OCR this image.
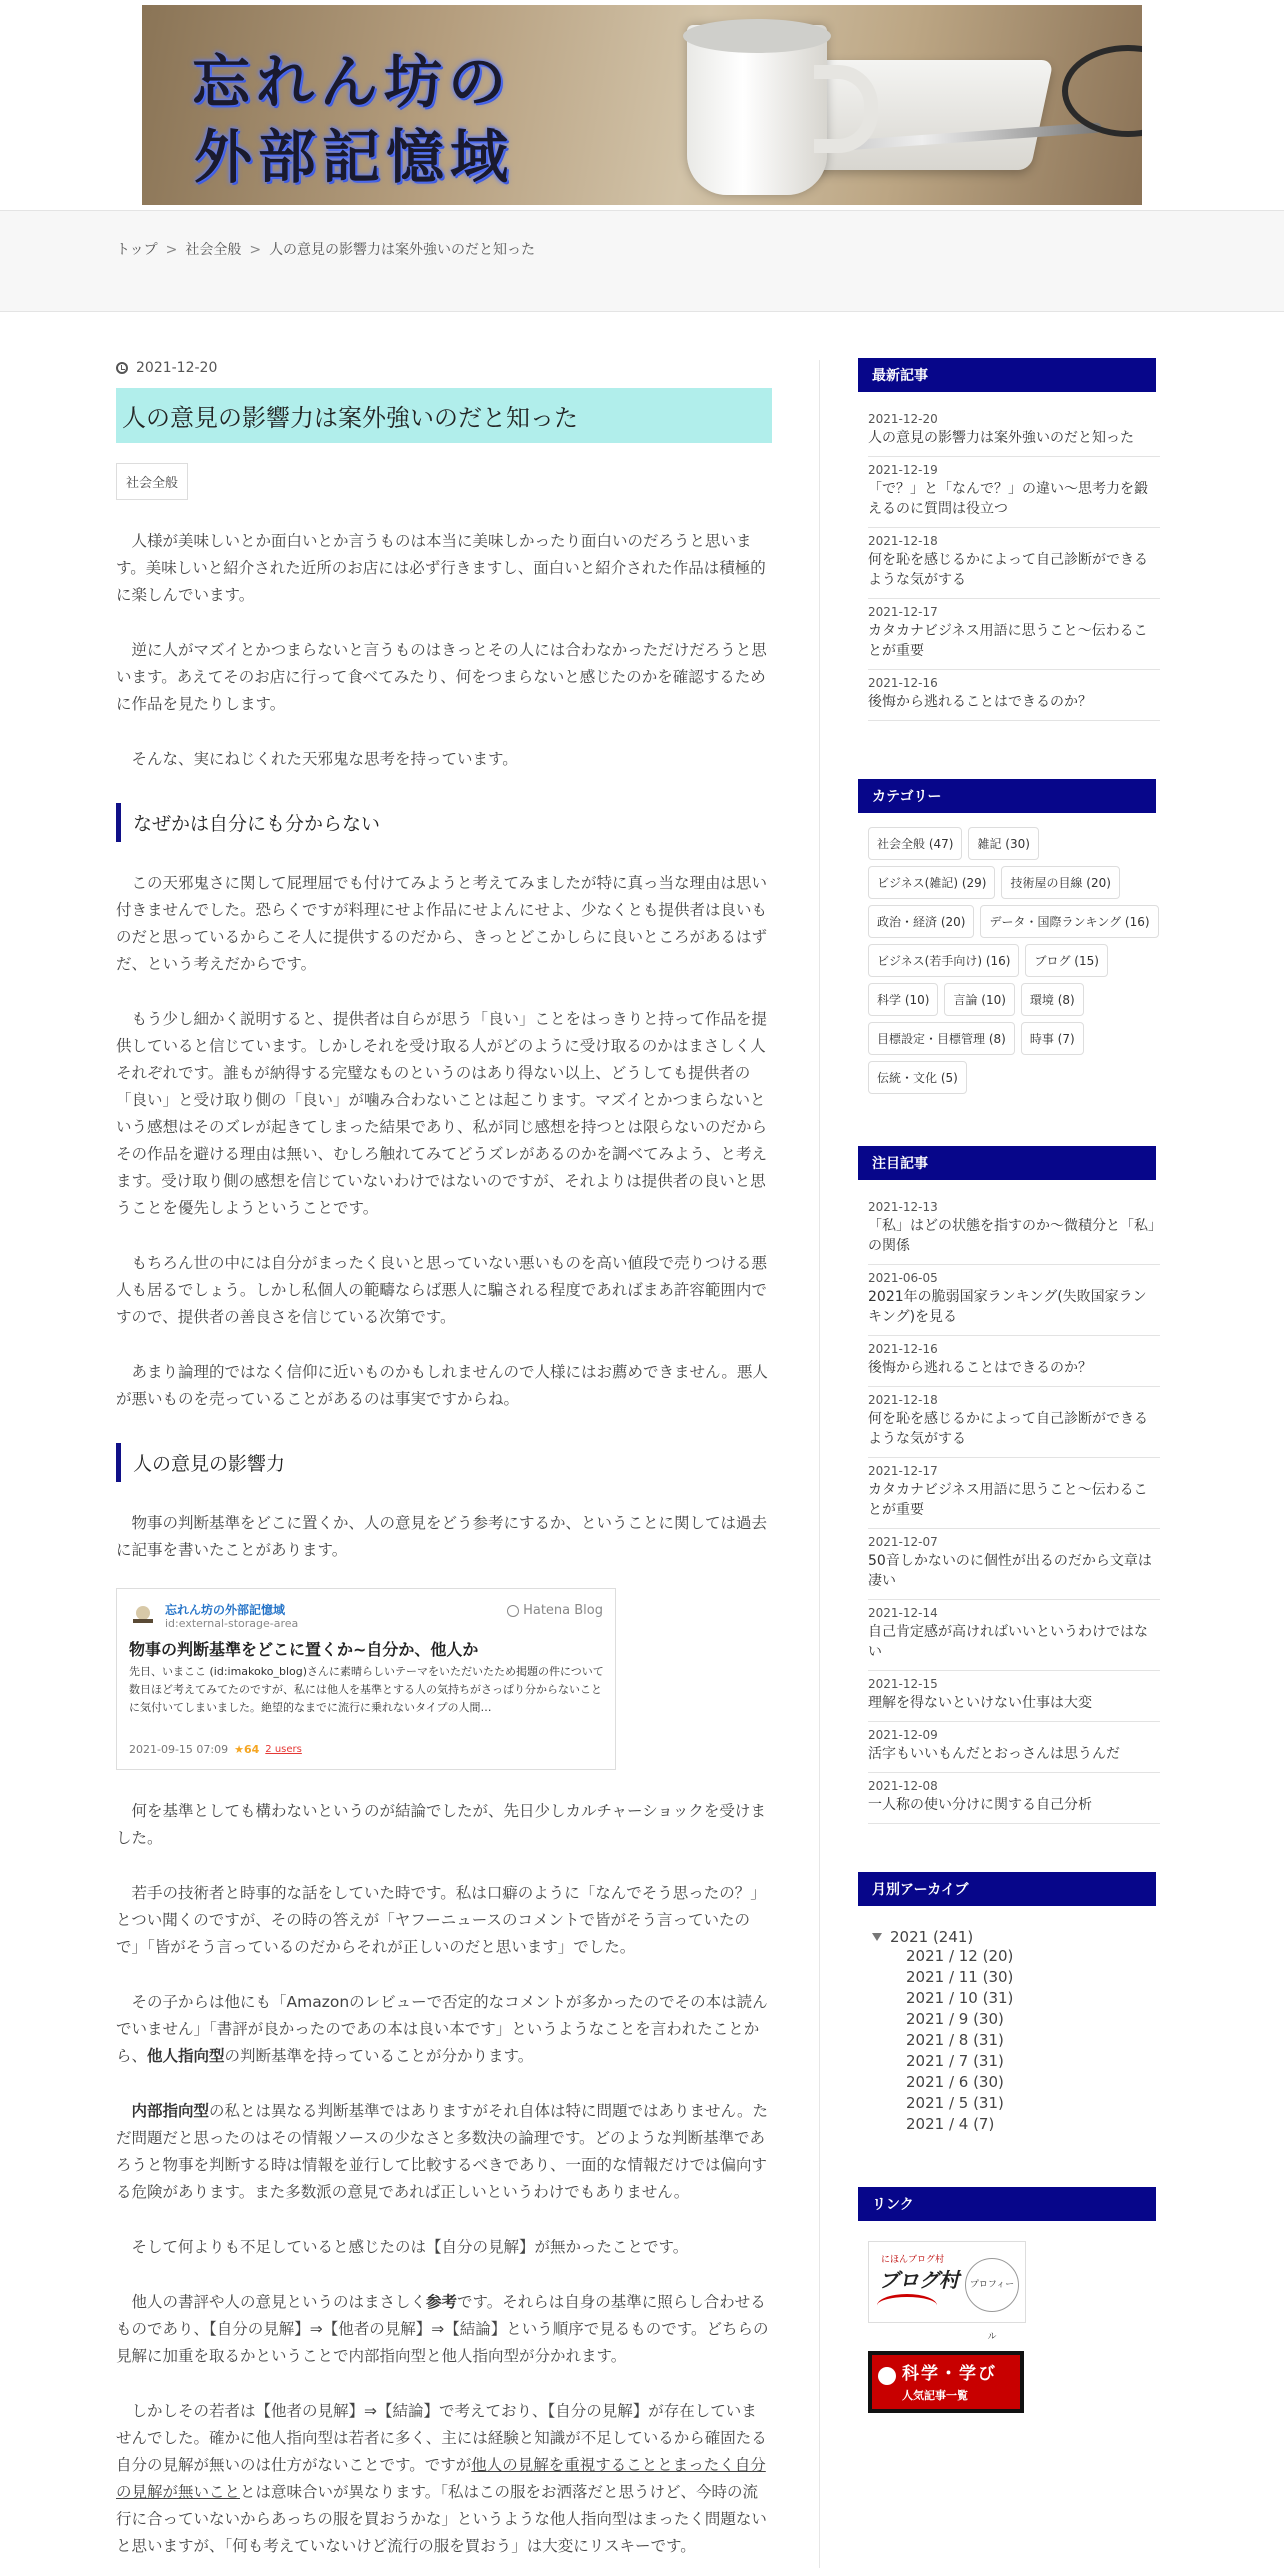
忘れん坊の
外部記憶域
トップ > 社会全般 > 人の意見の影響力は案外強いのだと知った
2021-12-20
人の意見の影響力は案外強いのだと知った
社会全般

人様が美味しいとか面白いとか言うものは本当に美味しかったり面白いのだろうと思います。美味しいと紹介された近所のお店には必ず行きますし、面白いと紹介された作品は積極的に楽しんでいます。

逆に人がマズイとかつまらないと言うものはきっとその人には合わなかっただけだろうと思います。あえてそのお店に行って食べてみたり、何をつまらないと感じたのかを確認するために作品を見たりします。

そんな、実にねじくれた天邪鬼な思考を持っています。

なぜかは自分にも分からない

この天邪鬼さに関して屁理屈でも付けてみようと考えてみましたが特に真っ当な理由は思い付きませんでした。恐らくですが料理にせよ作品にせよんにせよ、少なくとも提供者は良いものだと思っているからこそ人に提供するのだから、きっとどこかしらに良いところがあるはずだ、という考えだからです。

もう少し細かく説明すると、提供者は自らが思う「良い」ことをはっきりと持って作品を提供していると信じています。しかしそれを受け取る人がどのように受け取るのかはまさしく人それぞれです。誰もが納得する完璧なものというのはあり得ない以上、どうしても提供者の「良い」と受け取り側の「良い」が噛み合わないことは起こります。マズイとかつまらないという感想はそのズレが起きてしまった結果であり、私が同じ感想を持つとは限らないのだからその作品を避ける理由は無い、むしろ触れてみてどうズレがあるのかを調べてみよう、と考えます。受け取り側の感想を信じていないわけではないのですが、それよりは提供者の良いと思うことを優先しようということです。

もちろん世の中には自分がまったく良いと思っていない悪いものを高い値段で売りつける悪人も居るでしょう。しかし私個人の範疇ならば悪人に騙される程度であればまあ許容範囲内ですので、提供者の善良さを信じている次第です。

あまり論理的ではなく信仰に近いものかもしれませんので人様にはお薦めできません。悪人が悪いものを売っていることがあるのは事実ですからね。

人の意見の影響力

物事の判断基準をどこに置くか、人の意見をどう参考にするか、ということに関しては過去に記事を書いたことがあります。

忘れん坊の外部記憶域
id:external-storage-area
Hatena Blog
物事の判断基準をどこに置くか~自分か、他人か
先日、いまここ (id:imakoko_blog)さんに素晴らしいテーマをいただいたため掲題の件について数日ほど考えてみてたのですが、私には他人を基準とする人の気持ちがさっぱり分からないことに気付いてしまいました。絶望的なまでに流行に乗れないタイプの人間…
2021-09-15 07:09 ★64 2 users

何を基準としても構わないというのが結論でしたが、先日少しカルチャーショックを受けました。

若手の技術者と時事的な話をしていた時です。私は口癖のように「なんでそう思ったの？」とつい聞くのですが、その時の答えが「ヤフーニュースのコメントで皆がそう言っていたので」「皆がそう言っているのだからそれが正しいのだと思います」でした。

その子からは他にも「Amazonのレビューで否定的なコメントが多かったのでその本は読んでいません」「書評が良かったのであの本は良い本です」というようなことを言われたことから、他人指向型の判断基準を持っていることが分かります。

内部指向型の私とは異なる判断基準ではありますがそれ自体は特に問題ではありません。ただ問題だと思ったのはその情報ソースの少なさと多数決の論理です。どのような判断基準であろうと物事を判断する時は情報を並行して比較するべきであり、一面的な情報だけでは偏向する危険があります。また多数派の意見であれば正しいというわけでもありません。

そして何よりも不足していると感じたのは【自分の見解】が無かったことです。

他人の書評や人の意見というのはまさしく参考です。それらは自身の基準に照らし合わせるものであり、【自分の見解】⇒【他者の見解】⇒【結論】という順序で見るものです。どちらの見解に加重を取るかということで内部指向型と他人指向型が分かれます。

しかしその若者は【他者の見解】⇒【結論】で考えており、【自分の見解】が存在していませんでした。確かに他人指向型は若者に多く、主には経験と知識が不足しているから確固たる自分の見解が無いのは仕方がないことです。ですが他人の見解を重視することとまったく自分の見解が無いこととは意味合いが異なります。「私はこの服をお洒落だと思うけど、今時の流行に合っていないからあっちの服を買おうかな」というような他人指向型はまったく問題ないと思いますが、「何も考えていないけど流行の服を買おう」は大変にリスキーです。

最新記事
2021-12-20
人の意見の影響力は案外強いのだと知った
2021-12-19
「で？」と「なんで？」の違い～思考力を鍛えるのに質問は役立つ
2021-12-18
何を恥を感じるかによって自己診断ができるような気がする
2021-12-17
カタカナビジネス用語に思うこと～伝わることが重要
2021-12-16
後悔から逃れることはできるのか？
カテゴリー
社会全般 (47)	雑記 (30)
ビジネス(雑記) (29)	技術屋の目線 (20)
政治・経済 (20)	データ・国際ランキング (16)
ビジネス(若手向け) (16)	ブログ (15)
科学 (10)	言論 (10)	環境 (8)
目標設定・目標管理 (8)	時事 (7)
伝統・文化 (5)
注目記事
2021-12-13
「私」はどの状態を指すのか～微積分と「私」の関係
2021-06-05
2021年の脆弱国家ランキング(失敗国家ランキング)を見る
2021-12-16
後悔から逃れることはできるのか？
2021-12-18
何を恥を感じるかによって自己診断ができるような気がする
2021-12-17
カタカナビジネス用語に思うこと～伝わることが重要
2021-12-07
50音しかないのに個性が出るのだから文章は凄い
2021-12-14
自己肯定感が高ければいいというわけではない
2021-12-15
理解を得ないといけない仕事は大変
2021-12-09
活字もいいもんだとおっさんは思うんだ
2021-12-08
一人称の使い分けに関する自己分析
月別アーカイブ
2021 (241)
2021 / 12 (20)
2021 / 11 (30)
2021 / 10 (31)
2021 / 9 (30)
2021 / 8 (31)
2021 / 7 (31)
2021 / 6 (30)
2021 / 5 (31)
2021 / 4 (7)
リンク
にほんブログ村
ブログ村	プロフィール
科学・学び
人気記事一覧
